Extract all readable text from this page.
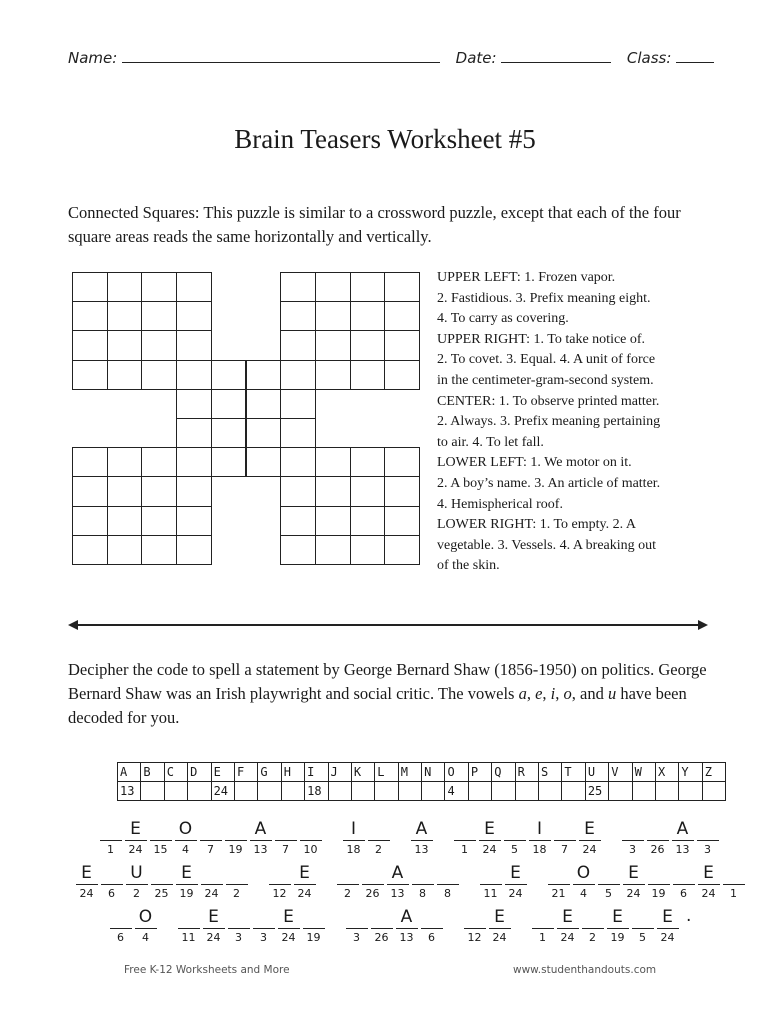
Name:	Date:	Class:
Brain Teasers Worksheet #5
Connected Squares: This puzzle is similar to a crossword puzzle, except that each of the four square areas reads the same horizontally and vertically.
UPPER LEFT: 1. Frozen vapor.
2. Fastidious. 3. Prefix meaning eight.
4. To carry as covering.
UPPER RIGHT: 1. To take notice of.
2. To covet. 3. Equal. 4. A unit of force
in the centimeter-gram-second system.
CENTER: 1. To observe printed matter.
2. Always. 3. Prefix meaning pertaining
to air. 4. To let fall.
LOWER LEFT: 1. We motor on it.
2. A boy’s name. 3. An article of matter.
4. Hemispherical roof.
LOWER RIGHT: 1. To empty. 2. A
vegetable. 3. Vessels. 4. A breaking out
of the skin.
Decipher the code to spell a statement by George Bernard Shaw (1856-1950) on politics. George Bernard Shaw was an Irish playwright and social critic. The vowels a, e, i, o, and u have been decoded for you.
A	B	C	D	E	F	G	H	I	J	K	L	M	N	O	P	Q	R	S	T	U	V	W	X	Y	Z
13				24				18						4						25					
1
E
24	15
O
4	7	19
A
13	7	10
I
18	2
A
13	1
E
24	5
I
18	7
E
24	3	26
A
13	3
E
24	6
U
2	25
E
19	24	2	12
E
24	2	26
A
13	8	8	11
E
24	21
O
4	5
E
24	19	6
E
24	1
6
O
4	11
E
24	3	3
E
24	19	3	26
A
13	6	12
E
24	1
E
24	2
E
19	5
E
24
.
Free K-12 Worksheets and More	www.studenthandouts.com
